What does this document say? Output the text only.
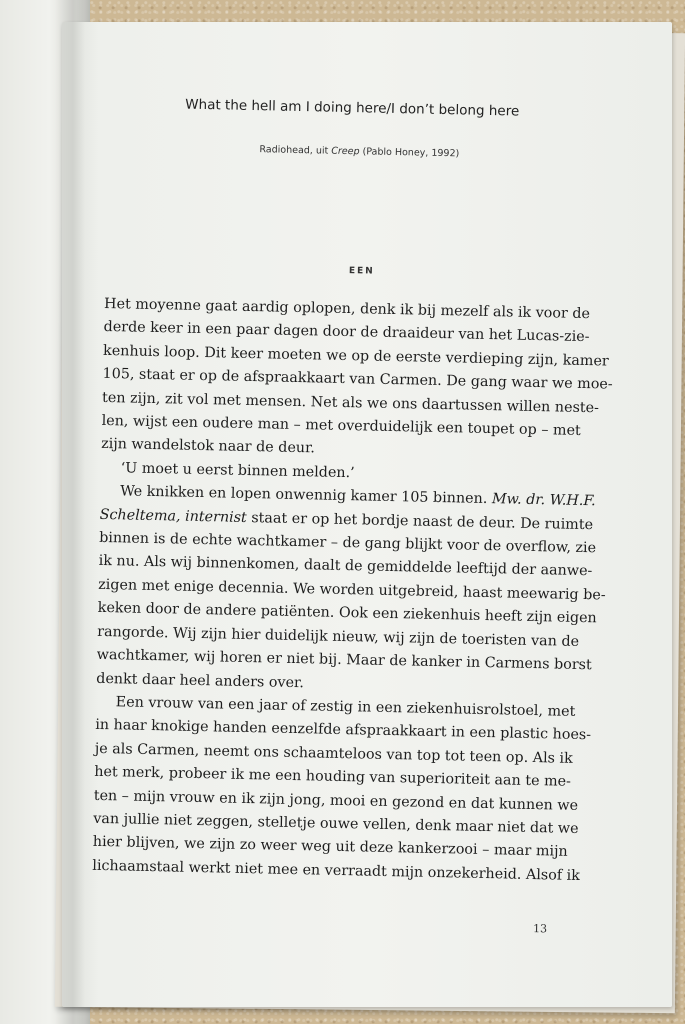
What the hell am I doing here/I don’t belong here
Radiohead, uit Creep (Pablo Honey, 1992)
EEN
Het moyenne gaat aardig oplopen, denk ik bij mezelf als ik voor de
derde keer in een paar dagen door de draaideur van het Lucas-zie-
kenhuis loop. Dit keer moeten we op de eerste verdieping zijn, kamer
105, staat er op de afspraakkaart van Carmen. De gang waar we moe-
ten zijn, zit vol met mensen. Net als we ons daartussen willen neste-
len, wijst een oudere man – met overduidelijk een toupet op – met
zijn wandelstok naar de deur.
‘U moet u eerst binnen melden.’
We knikken en lopen onwennig kamer 105 binnen. Mw. dr. W.H.F.
Scheltema, internist staat er op het bordje naast de deur. De ruimte
binnen is de echte wachtkamer – de gang blijkt voor de overflow, zie
ik nu. Als wij binnenkomen, daalt de gemiddelde leeftijd der aanwe-
zigen met enige decennia. We worden uitgebreid, haast meewarig be-
keken door de andere patiënten. Ook een ziekenhuis heeft zijn eigen
rangorde. Wij zijn hier duidelijk nieuw, wij zijn de toeristen van de
wachtkamer, wij horen er niet bij. Maar de kanker in Carmens borst
denkt daar heel anders over.
Een vrouw van een jaar of zestig in een ziekenhuisrolstoel, met
in haar knokige handen eenzelfde afspraakkaart in een plastic hoes-
je als Carmen, neemt ons schaamteloos van top tot teen op. Als ik
het merk, probeer ik me een houding van superioriteit aan te me-
ten – mijn vrouw en ik zijn jong, mooi en gezond en dat kunnen we
van jullie niet zeggen, stelletje ouwe vellen, denk maar niet dat we
hier blijven, we zijn zo weer weg uit deze kankerzooi – maar mijn
lichaamstaal werkt niet mee en verraadt mijn onzekerheid. Alsof ik
13
